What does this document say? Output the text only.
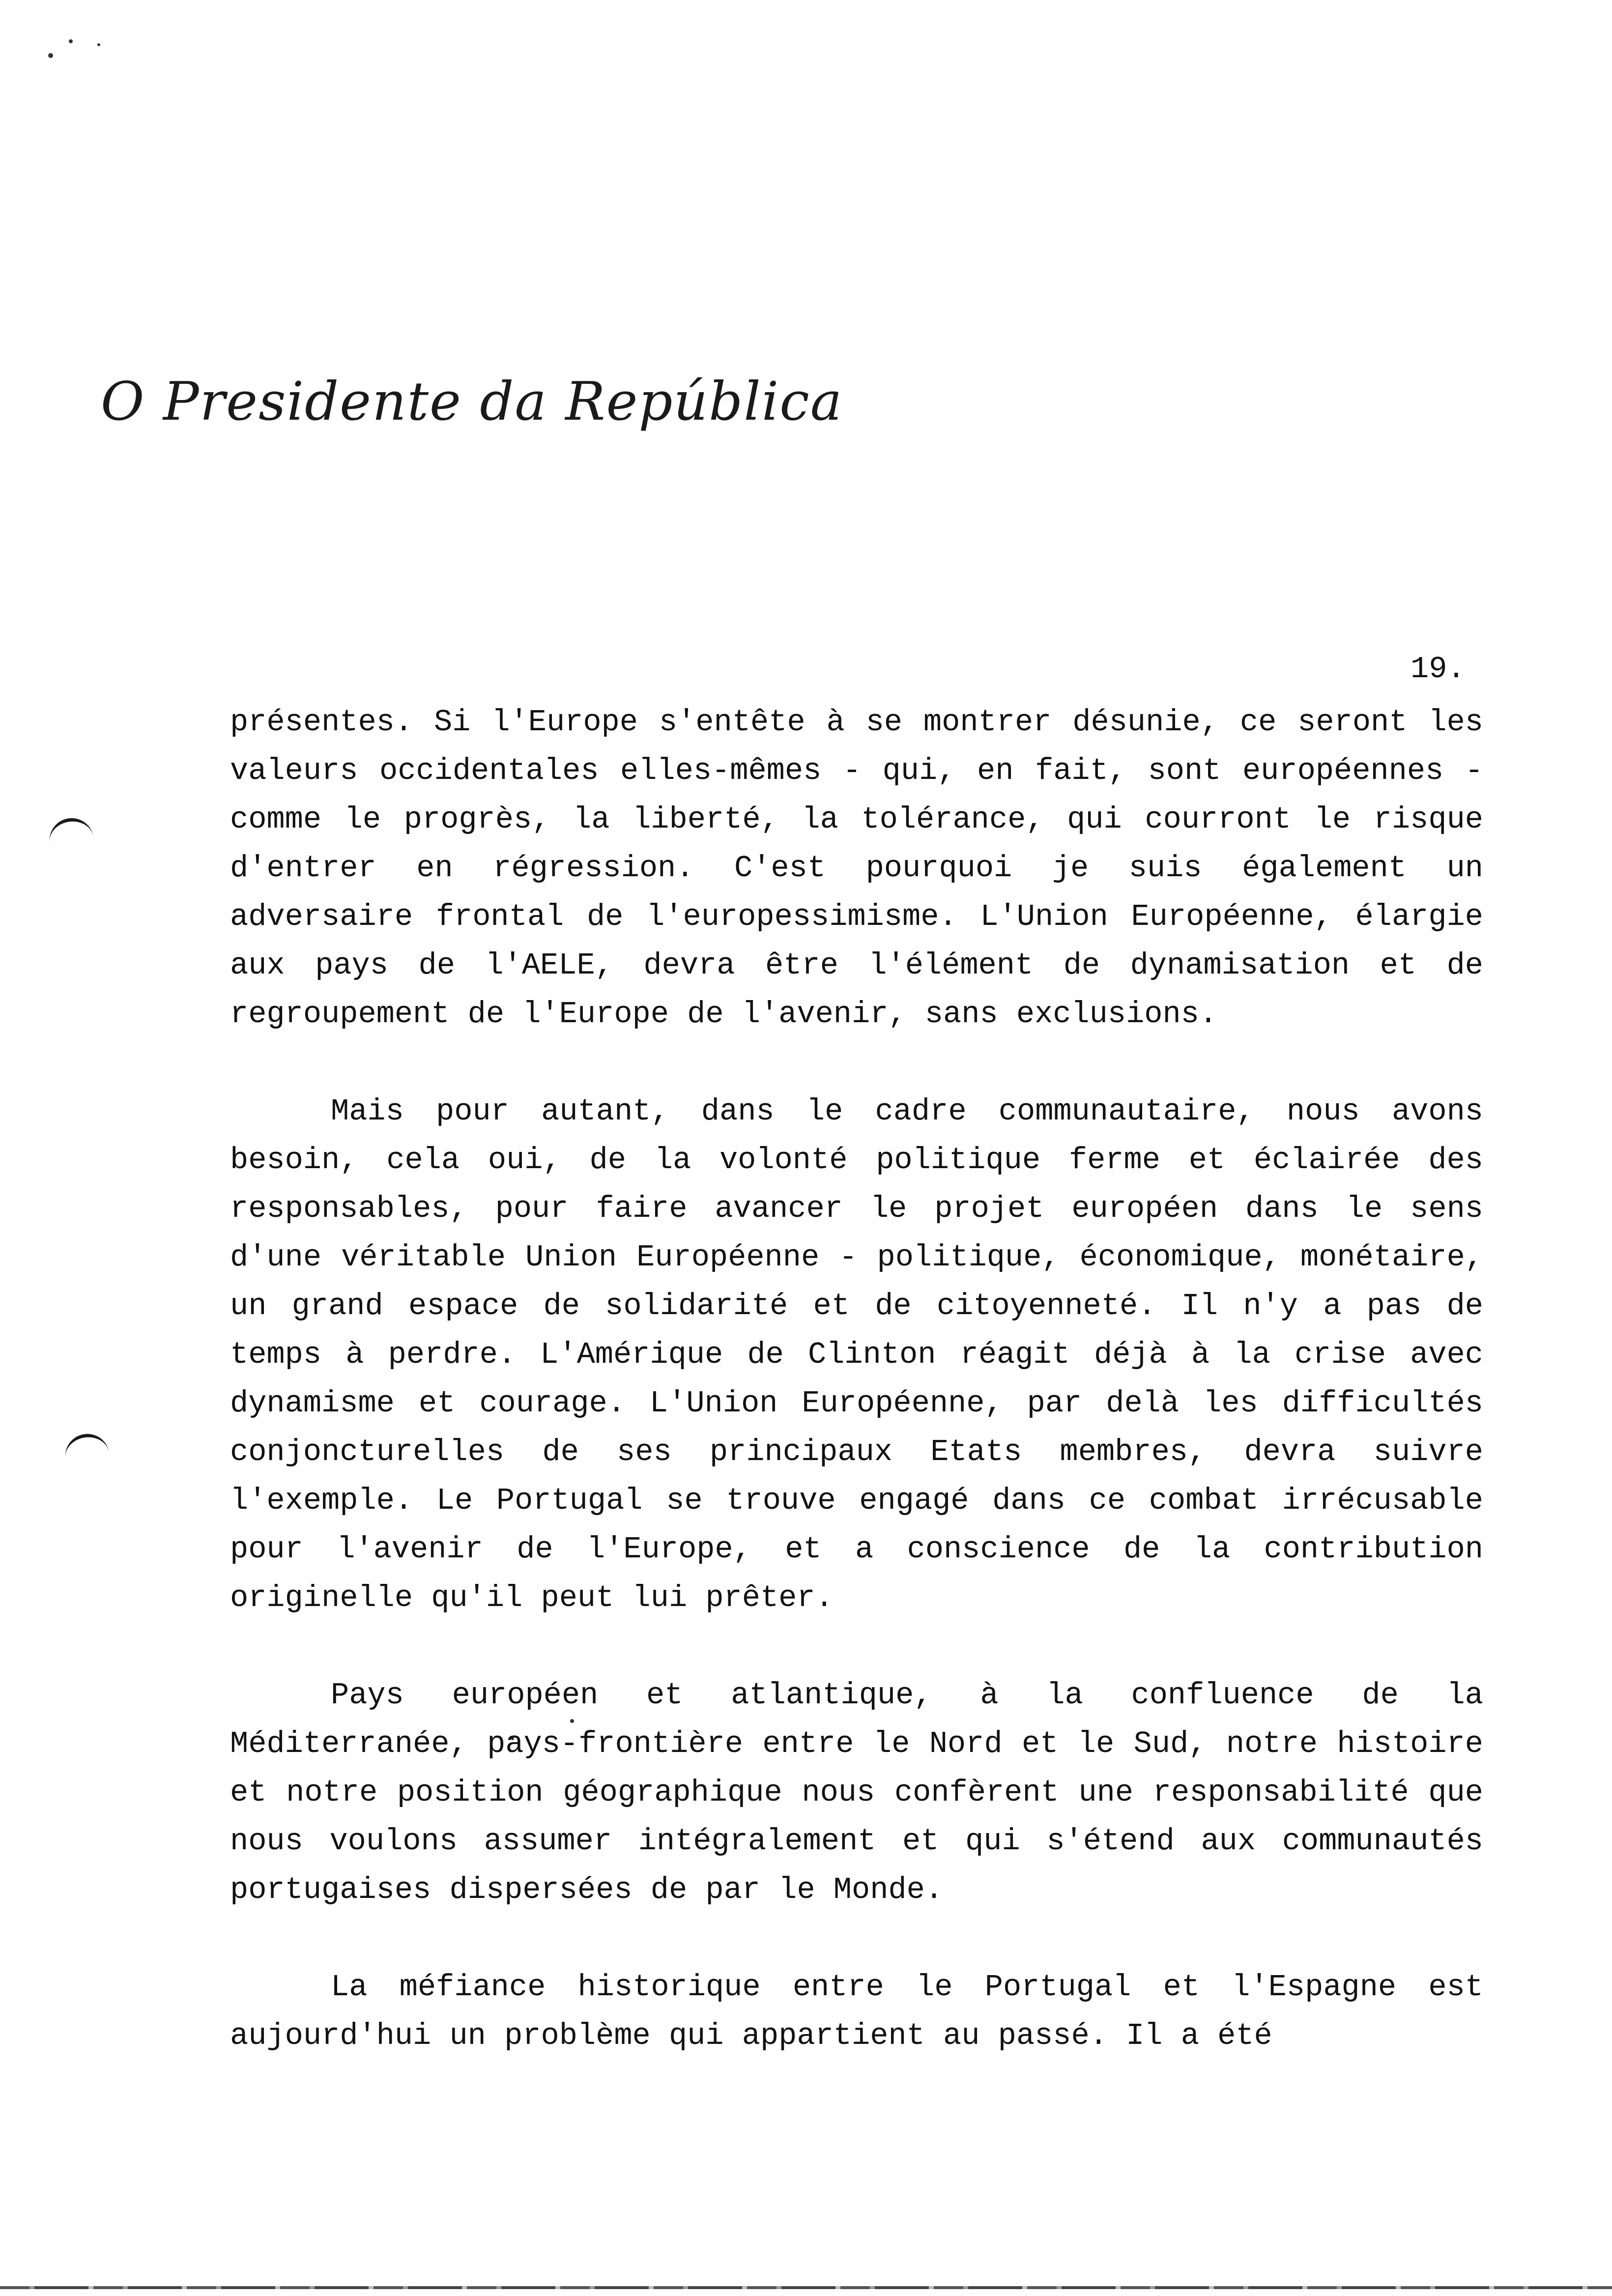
O Presidente da República
19.

présentes. Si l'Europe s'entête à se montrer désunie, ce seront les valeurs occidentales elles-mêmes - qui, en fait, sont européennes - comme le progrès, la liberté, la tolérance, qui courront le risque d'entrer en régression. C'est pourquoi je suis également un adversaire frontal de l'europessimisme. L'Union Européenne, élargie aux pays de l'AELE, devra être l'élément de dynamisation et de regroupement de l'Europe de l'avenir, sans exclusions.

Mais pour autant, dans le cadre communautaire, nous avons besoin, cela oui, de la volonté politique ferme et éclairée des responsables, pour faire avancer le projet européen dans le sens d'une véritable Union Européenne - politique, économique, monétaire, un grand espace de solidarité et de citoyenneté. Il n'y a pas de temps à perdre. L'Amérique de Clinton réagit déjà à la crise avec dynamisme et courage. L'Union Européenne, par delà les difficultés conjoncturelles de ses principaux Etats membres, devra suivre l'exemple. Le Portugal se trouve engagé dans ce combat irrécusable pour l'avenir de l'Europe, et a conscience de la contribution originelle qu'il peut lui prêter.

Pays européen et atlantique, à la confluence de la Méditerranée, pays-frontière entre le Nord et le Sud, notre histoire et notre position géographique nous confèrent une responsabilité que nous voulons assumer intégralement et qui s'étend aux communautés portugaises dispersées de par le Monde.

La méfiance historique entre le Portugal et l'Espagne est aujourd'hui un problème qui appartient au passé. Il a été
